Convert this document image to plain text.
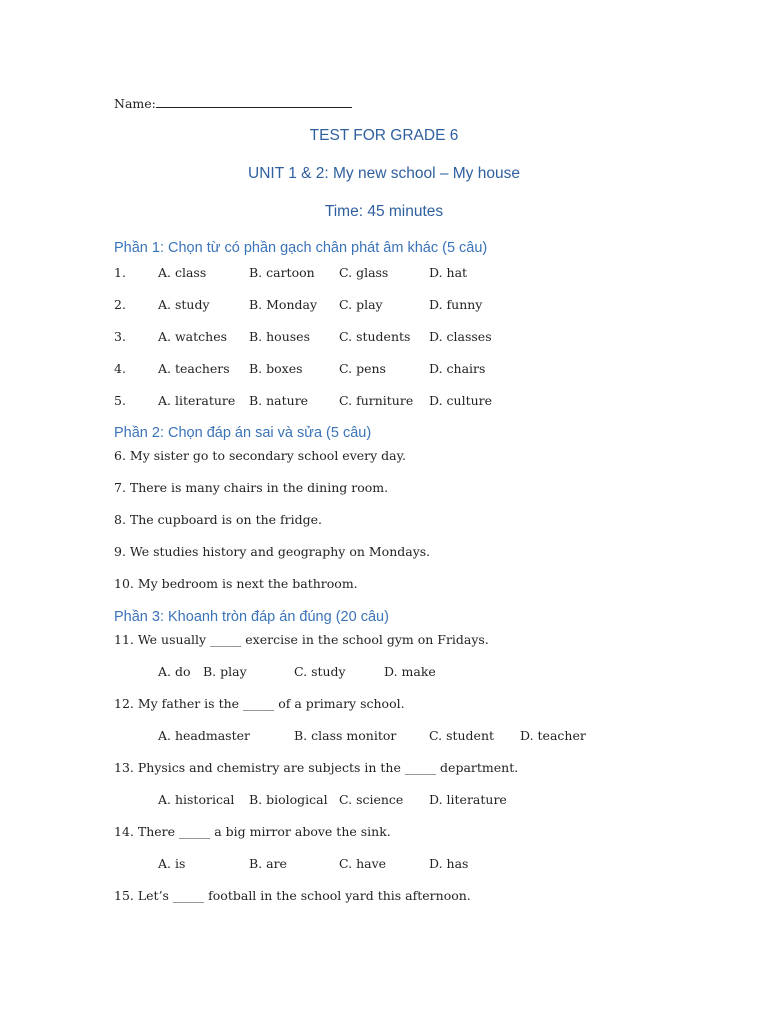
Name:
TEST FOR GRADE 6
UNIT 1 & 2: My new school – My house
Time: 45 minutes
Phần 1: Chọn từ có phần gạch chân phát âm khác (5 câu)
1.	A. class	B. cartoon C. glass	D. hat
2.	A. study	B. Monday C. play	D. funny
3.	A. watches B. houses C. students D. classes
4.	A. teachers B. boxes	C. pens	D. chairs
5.	A. literature B. nature C. furniture D. culture
Phần 2: Chọn đáp án sai và sửa (5 câu)
6. My sister go to secondary school every day.
7. There is many chairs in the dining room.
8. The cupboard is on the fridge.
9. We studies history and geography on Mondays.
10. My bedroom is next the bathroom.
Phần 3: Khoanh tròn đáp án đúng (20 câu)
11. We usually _____ exercise in the school gym on Fridays.
A. do B. play	C. study	D. make
12. My father is the _____ of a primary school.
A. headmaster	B. class monitor	C. student D. teacher
13. Physics and chemistry are subjects in the _____ department.
A. historical B. biological C. science D. literature
14. There _____ a big mirror above the sink.
A. is	B. are	C. have	D. has
15. Let’s _____ football in the school yard this afternoon.
